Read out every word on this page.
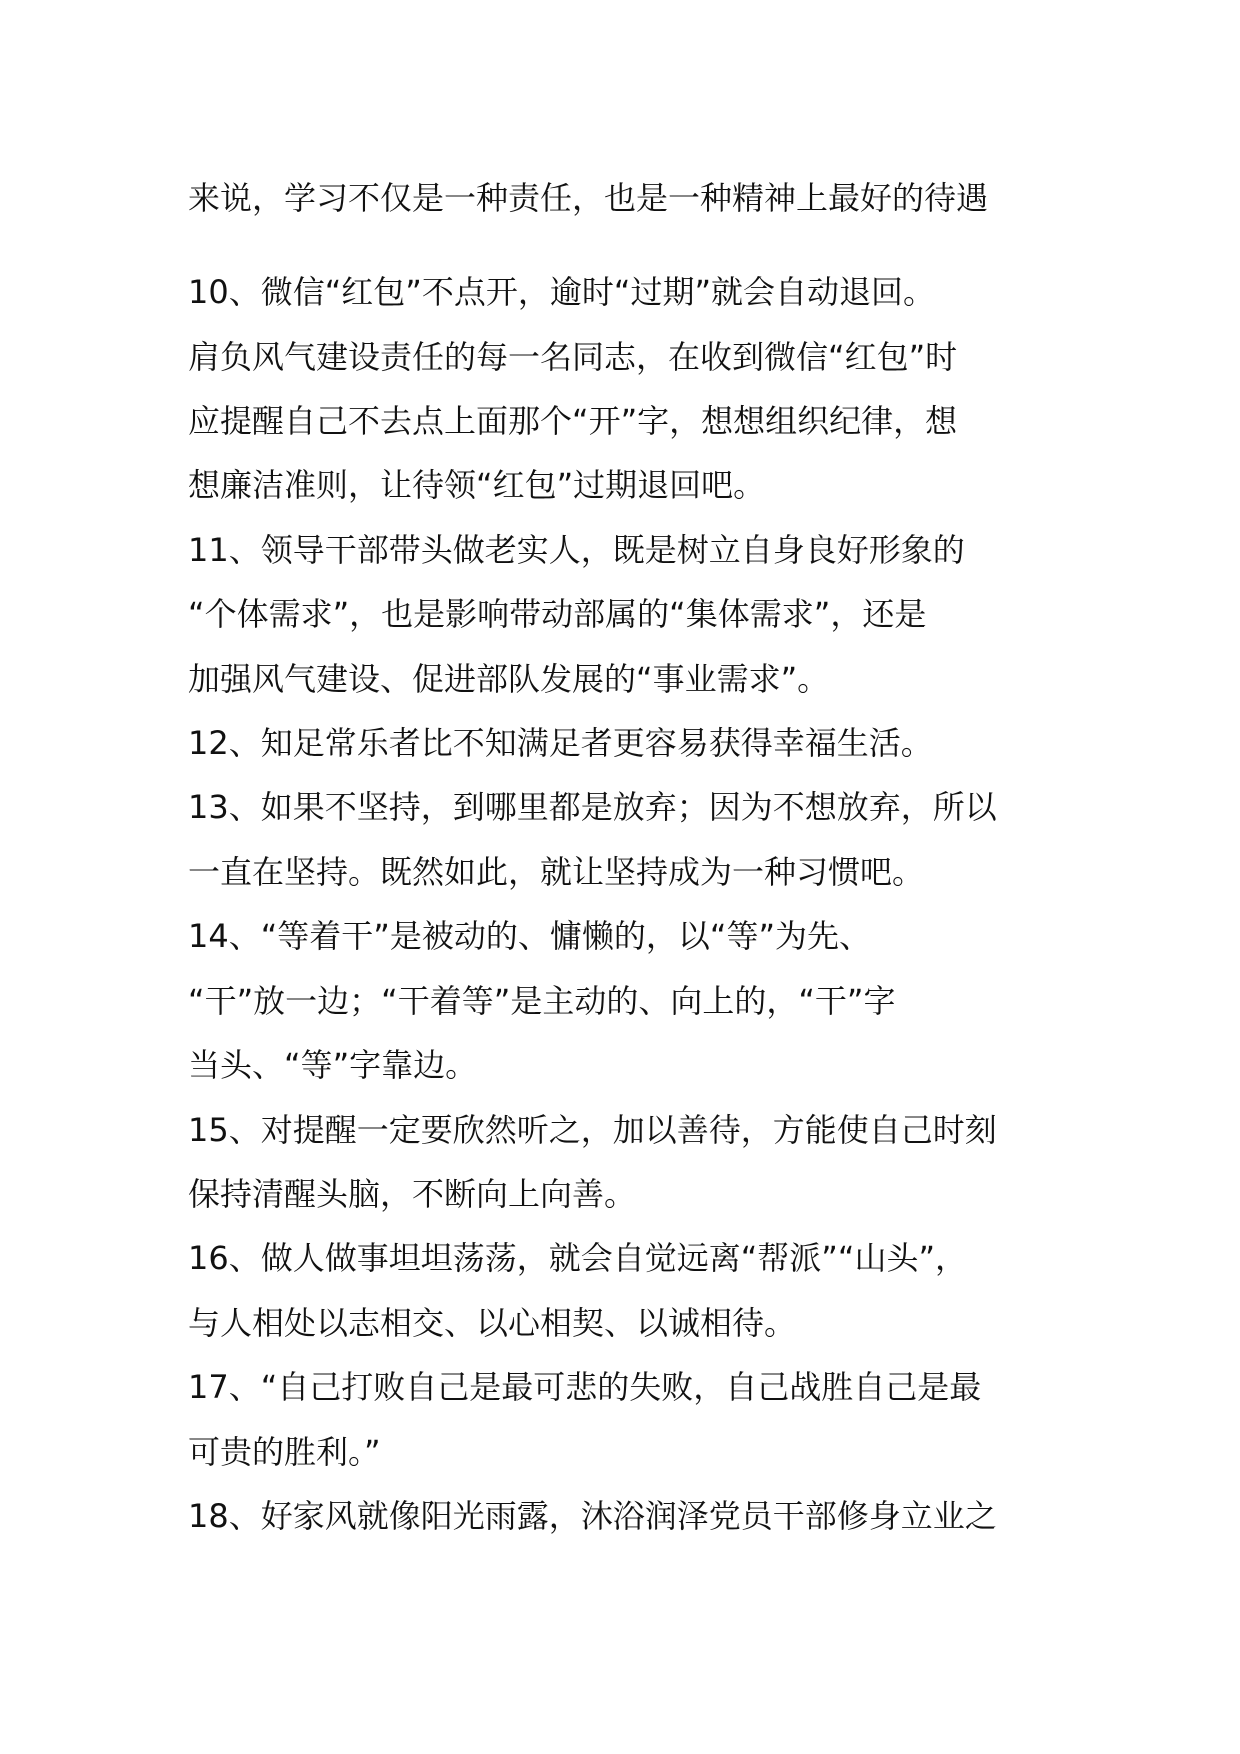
来说，学习不仅是一种责任，也是一种精神上最好的待遇
10、微信“红包”不点开，逾时“过期”就会自动退回。
肩负风气建设责任的每一名同志，在收到微信“红包”时
应提醒自己不去点上面那个“开”字，想想组织纪律，想
想廉洁准则，让待领“红包”过期退回吧。
11、领导干部带头做老实人，既是树立自身良好形象的
“个体需求”，也是影响带动部属的“集体需求”，还是
加强风气建设、促进部队发展的“事业需求”。
12、知足常乐者比不知满足者更容易获得幸福生活。
13、如果不坚持，到哪里都是放弃；因为不想放弃，所以
一直在坚持。既然如此，就让坚持成为一种习惯吧。
14、“等着干”是被动的、慵懒的，以“等”为先、
“干”放一边；“干着等”是主动的、向上的，“干”字
当头、“等”字靠边。
15、对提醒一定要欣然听之，加以善待，方能使自己时刻
保持清醒头脑，不断向上向善。
16、做人做事坦坦荡荡，就会自觉远离“帮派”“山头”，
与人相处以志相交、以心相契、以诚相待。
17、“自己打败自己是最可悲的失败，自己战胜自己是最
可贵的胜利。”
18、好家风就像阳光雨露，沐浴润泽党员干部修身立业之
